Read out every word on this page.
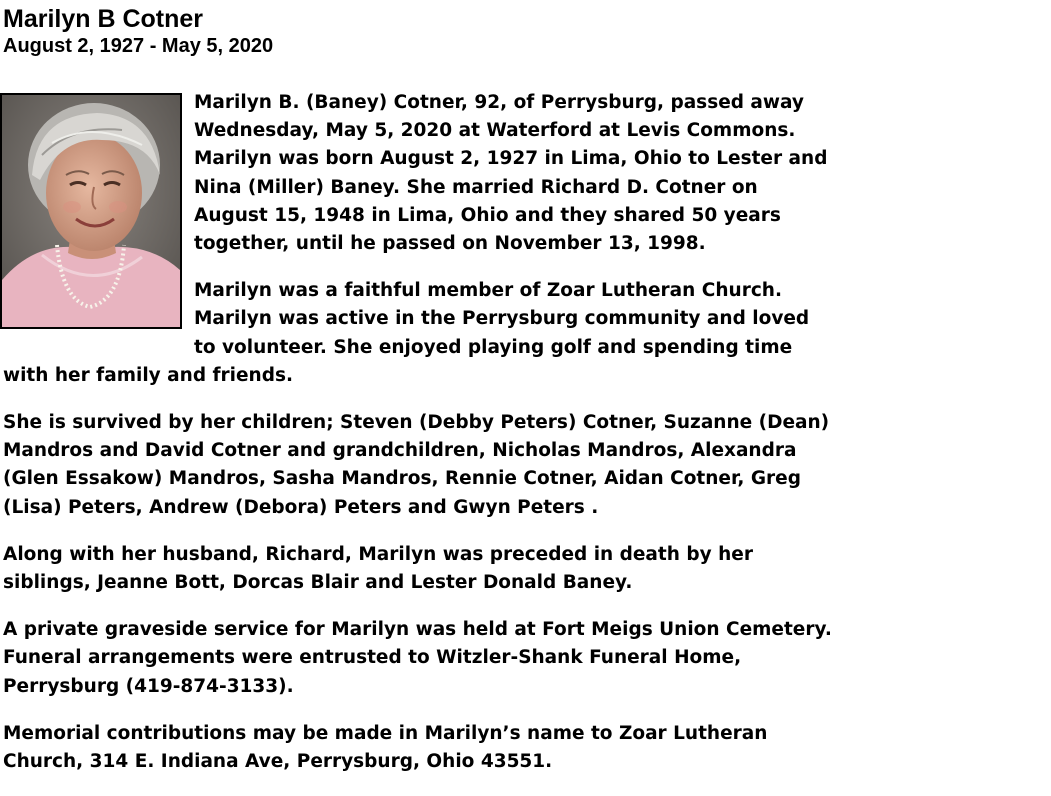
Marilyn B Cotner
August 2, 1927 - May 5, 2020

Marilyn B. (Baney) Cotner, 92, of Perrysburg, passed away Wednesday, May 5, 2020 at Waterford at Levis Commons. Marilyn was born August 2, 1927 in Lima, Ohio to Lester and Nina (Miller) Baney. She married Richard D. Cotner on August 15, 1948 in Lima, Ohio and they shared 50 years together, until he passed on November 13, 1998.

Marilyn was a faithful member of Zoar Lutheran Church. Marilyn was active in the Perrysburg community and loved to volunteer. She enjoyed playing golf and spending time with her family and friends.

She is survived by her children; Steven (Debby Peters) Cotner, Suzanne (Dean) Mandros and David Cotner and grandchildren, Nicholas Mandros, Alexandra (Glen Essakow) Mandros, Sasha Mandros, Rennie Cotner, Aidan Cotner, Greg (Lisa) Peters, Andrew (Debora) Peters and Gwyn Peters .

Along with her husband, Richard, Marilyn was preceded in death by her siblings, Jeanne Bott, Dorcas Blair and Lester Donald Baney.

A private graveside service for Marilyn was held at Fort Meigs Union Cemetery. Funeral arrangements were entrusted to Witzler-Shank Funeral Home, Perrysburg (419-874-3133).

Memorial contributions may be made in Marilyn’s name to Zoar Lutheran Church, 314 E. Indiana Ave, Perrysburg, Ohio 43551.
